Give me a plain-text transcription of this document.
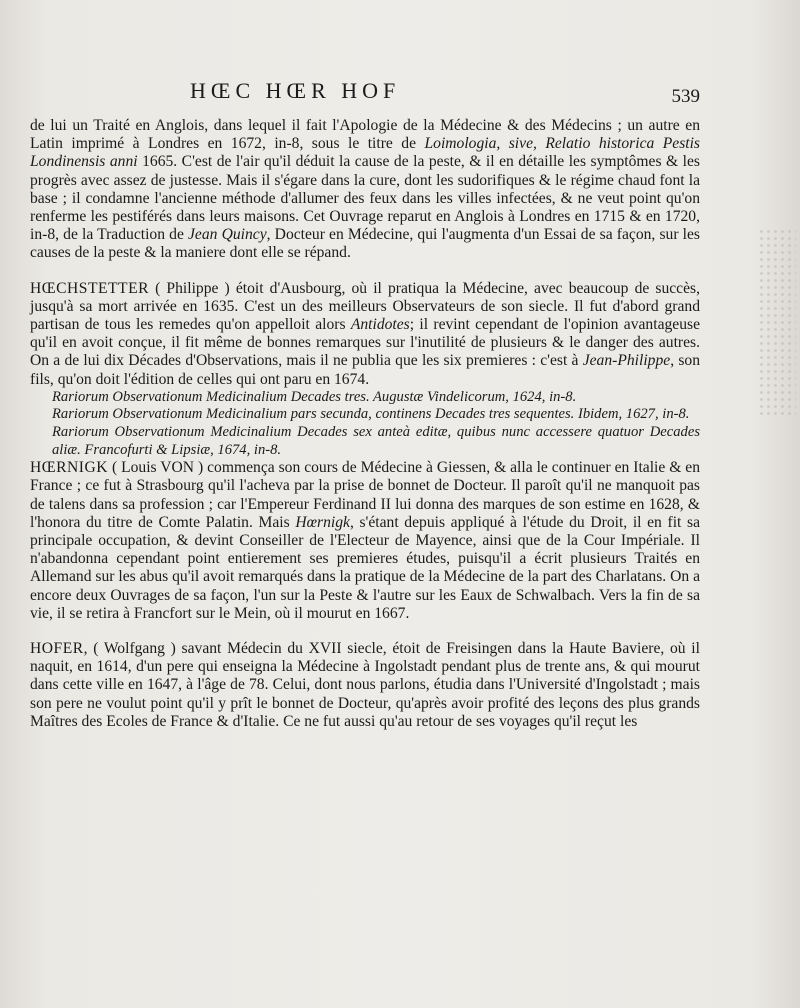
HŒC HŒR HOF	539

de lui un Traité en Anglois, dans lequel il fait l'Apologie de la Médecine & des Médecins ; un autre en Latin imprimé à Londres en 1672, in-8, sous le titre de Loimologia, sive, Relatio historica Pestis Londinensis anni 1665. C'est de l'air qu'il déduit la cause de la peste, & il en détaille les symptômes & les progrès avec assez de justesse. Mais il s'égare dans la cure, dont les sudorifiques & le régime chaud font la base ; il condamne l'ancienne méthode d'allumer des feux dans les villes infectées, & ne veut point qu'on renferme les pestiférés dans leurs maisons. Cet Ouvrage reparut en Anglois à Londres en 1715 & en 1720, in-8, de la Traduction de Jean Quincy, Docteur en Médecine, qui l'augmenta d'un Essai de sa façon, sur les causes de la peste & la maniere dont elle se répand.

HŒCHSTETTER ( Philippe ) étoit d'Ausbourg, où il pratiqua la Médecine, avec beaucoup de succès, jusqu'à sa mort arrivée en 1635. C'est un des meilleurs Observateurs de son siecle. Il fut d'abord grand partisan de tous les remedes qu'on appelloit alors Antidotes; il revint cependant de l'opinion avantageuse qu'il en avoit conçue, il fit même de bonnes remarques sur l'inutilité de plusieurs & le danger des autres. On a de lui dix Décades d'Observations, mais il ne publia que les six premieres : c'est à Jean-Philippe, son fils, qu'on doit l'édition de celles qui ont paru en 1674.

Rariorum Observationum Medicinalium Decades tres. Augustæ Vindelicorum, 1624, in-8.

Rariorum Observationum Medicinalium pars secunda, continens Decades tres sequentes. Ibidem, 1627, in-8.

Rariorum Observationum Medicinalium Decades sex anteà editæ, quibus nunc accessere quatuor Decades aliæ. Francofurti & Lipsiæ, 1674, in-8.

HŒRNIGK ( Louis VON ) commença son cours de Médecine à Giessen, & alla le continuer en Italie & en France ; ce fut à Strasbourg qu'il l'acheva par la prise de bonnet de Docteur. Il paroît qu'il ne manquoit pas de talens dans sa profession ; car l'Empereur Ferdinand II lui donna des marques de son estime en 1628, & l'honora du titre de Comte Palatin. Mais Hœrnigk, s'étant depuis appliqué à l'étude du Droit, il en fit sa principale occupation, & devint Conseiller de l'Electeur de Mayence, ainsi que de la Cour Impériale. Il n'abandonna cependant point entierement ses premieres études, puisqu'il a écrit plusieurs Traités en Allemand sur les abus qu'il avoit remarqués dans la pratique de la Médecine de la part des Charlatans. On a encore deux Ouvrages de sa façon, l'un sur la Peste & l'autre sur les Eaux de Schwalbach. Vers la fin de sa vie, il se retira à Francfort sur le Mein, où il mourut en 1667.

HOFER, ( Wolfgang ) savant Médecin du XVII siecle, étoit de Freisingen dans la Haute Baviere, où il naquit, en 1614, d'un pere qui enseigna la Médecine à Ingolstadt pendant plus de trente ans, & qui mourut dans cette ville en 1647, à l'âge de 78. Celui, dont nous parlons, étudia dans l'Université d'Ingolstadt ; mais son pere ne voulut point qu'il y prît le bonnet de Docteur, qu'après avoir profité des leçons des plus grands Maîtres des Ecoles de France & d'Italie. Ce ne fut aussi qu'au retour de ses voyages qu'il reçut les
